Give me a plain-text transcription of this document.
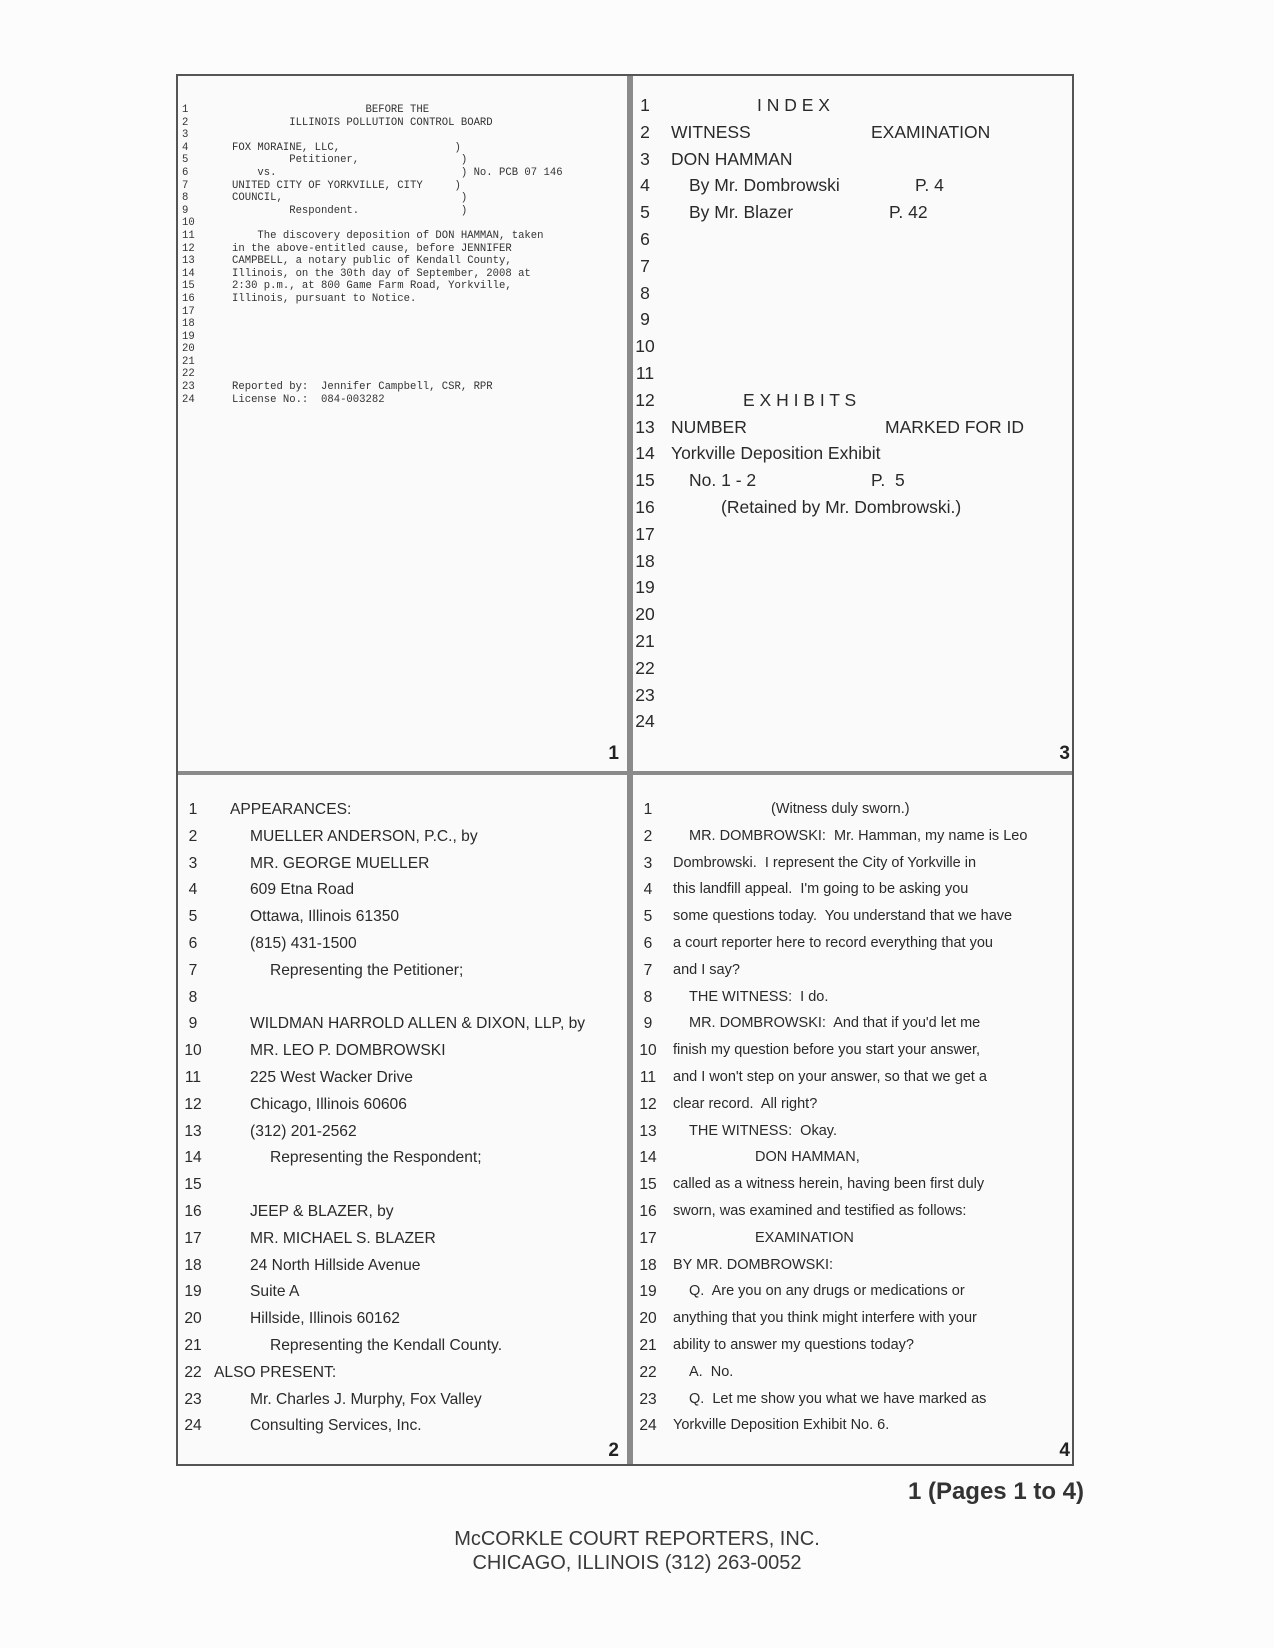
1	BEFORE THE
2	ILLINOIS POLLUTION CONTROL BOARD
3
4	FOX MORAINE, LLC,                  )
5	Petitioner,                )
6	vs.                             ) No. PCB 07 146
7	UNITED CITY OF YORKVILLE, CITY     )
8	COUNCIL,                            )
9	Respondent.                )
10
11	The discovery deposition of DON HAMMAN, taken
12	in the above-entitled cause, before JENNIFER
13	CAMPBELL, a notary public of Kendall County,
14	Illinois, on the 30th day of September, 2008 at
15	2:30 p.m., at 800 Game Farm Road, Yorkville,
16	Illinois, pursuant to Notice.
17
18
19
20
21
22
23	Reported by:  Jennifer Campbell, CSR, RPR
24	License No.:  084-003282
1
1	I N D E X
2	WITNESS	EXAMINATION
3	DON HAMMAN
4	By Mr. Dombrowski	P. 4
5	By Mr. Blazer	P. 42
6
7
8
9
10
11
12	E X H I B I T S
13 NUMBER	MARKED FOR ID
14 Yorkville Deposition Exhibit
15 No. 1 - 2	P.  5
16	(Retained by Mr. Dombrowski.)
17
18
19
20
21
22
23
24
3
1	APPEARANCES:
2	MUELLER ANDERSON, P.C., by
3	MR. GEORGE MUELLER
4	609 Etna Road
5	Ottawa, Illinois 61350
6	(815) 431-1500
7	Representing the Petitioner;
8
9	WILDMAN HARROLD ALLEN & DIXON, LLP, by
10	MR. LEO P. DOMBROWSKI
11	225 West Wacker Drive
12	Chicago, Illinois 60606
13	(312) 201-2562
14	Representing the Respondent;
15
16	JEEP & BLAZER, by
17	MR. MICHAEL S. BLAZER
18	24 North Hillside Avenue
19	Suite A
20	Hillside, Illinois 60162
21	Representing the Kendall County.
22 ALSO PRESENT:
23	Mr. Charles J. Murphy, Fox Valley
24	Consulting Services, Inc.
2
1	(Witness duly sworn.)
2	MR. DOMBROWSKI:  Mr. Hamman, my name is Leo
3	Dombrowski.  I represent the City of Yorkville in
4	this landfill appeal.  I'm going to be asking you
5	some questions today.  You understand that we have
6	a court reporter here to record everything that you
7	and I say?
8	THE WITNESS:  I do.
9	MR. DOMBROWSKI:  And that if you'd let me
10	finish my question before you start your answer,
11	and I won't step on your answer, so that we get a
12	clear record.  All right?
13	THE WITNESS:  Okay.
14	DON HAMMAN,
15	called as a witness herein, having been first duly
16	sworn, was examined and testified as follows:
17	EXAMINATION
18	BY MR. DOMBROWSKI:
19	Q.  Are you on any drugs or medications or
20	anything that you think might interfere with your
21	ability to answer my questions today?
22	A.  No.
23	Q.  Let me show you what we have marked as
24	Yorkville Deposition Exhibit No. 6.
4
1 (Pages 1 to 4)
McCORKLE COURT REPORTERS, INC.
CHICAGO, ILLINOIS (312) 263-0052
